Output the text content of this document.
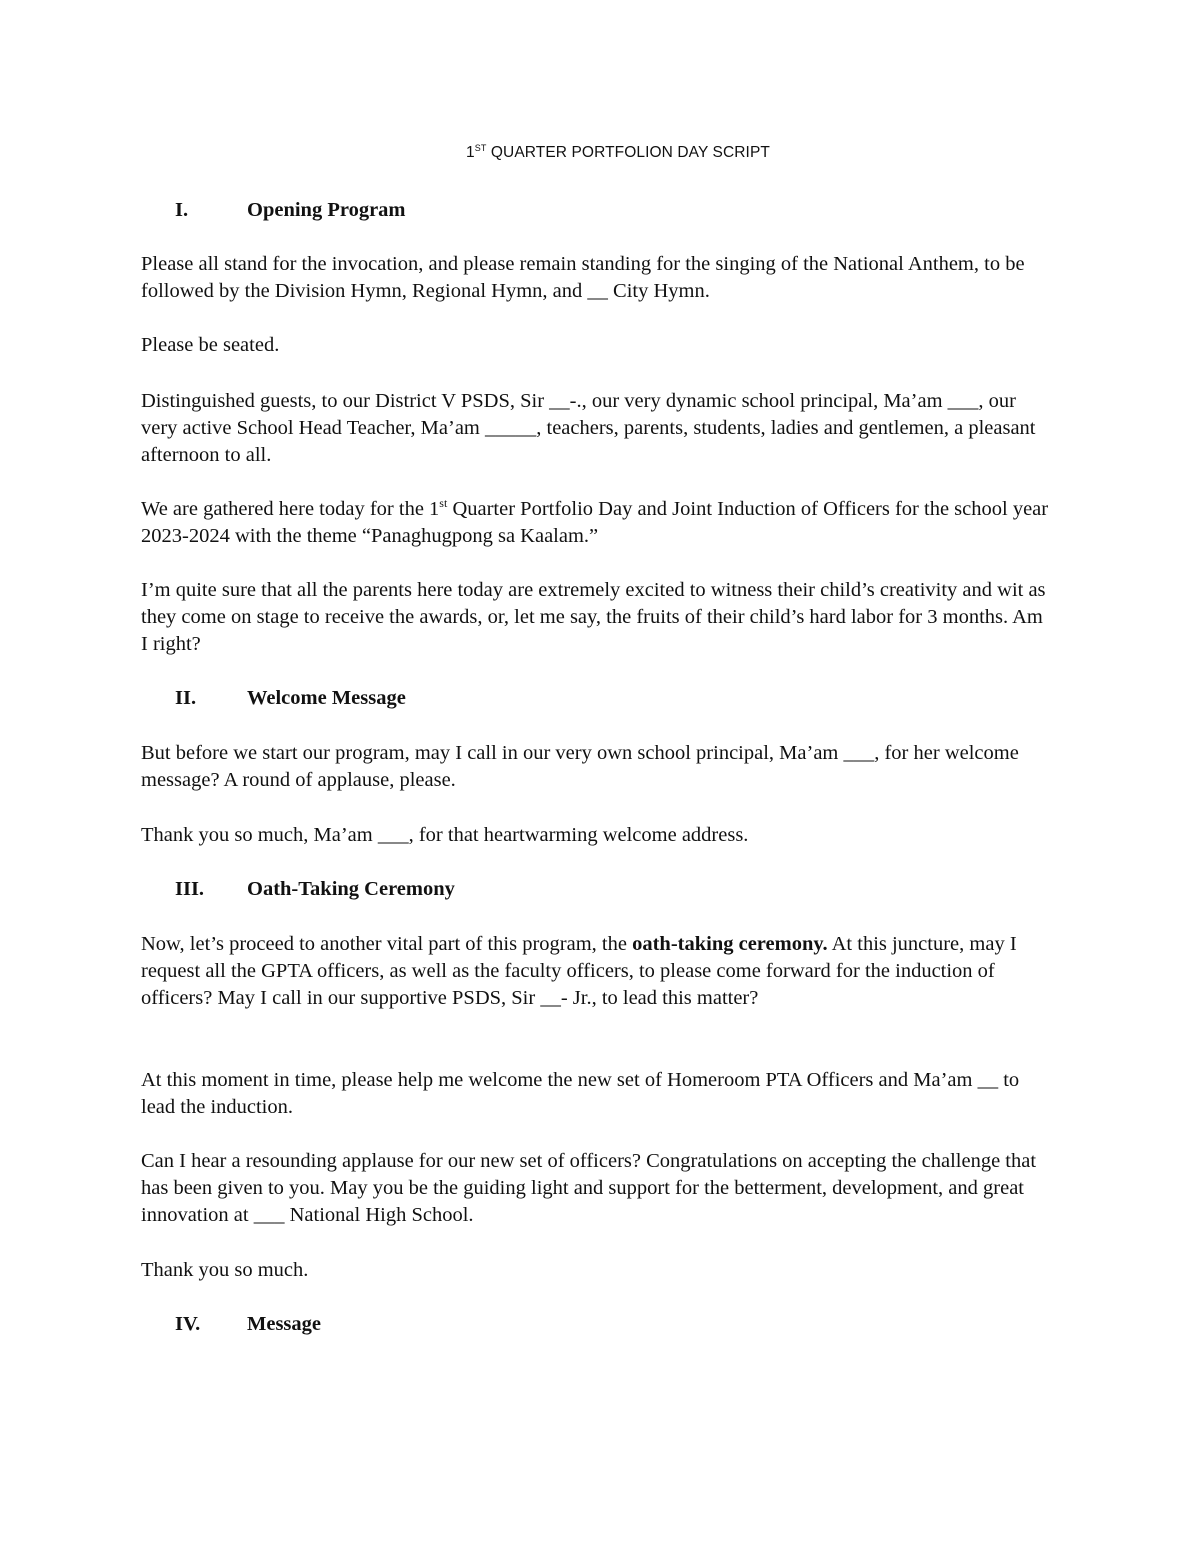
1ST QUARTER PORTFOLION DAY SCRIPT
I.	Opening Program
Please all stand for the invocation, and please remain standing for the singing of the National Anthem, to be followed by the Division Hymn, Regional Hymn, and __ City Hymn.
Please be seated.
Distinguished guests, to our District V PSDS, Sir __-., our very dynamic school principal, Ma’am ___, our very active School Head Teacher, Ma’am _____, teachers, parents, students, ladies and gentlemen, a pleasant afternoon to all.
We are gathered here today for the 1st Quarter Portfolio Day and Joint Induction of Officers for the school year 2023-2024 with the theme “Panaghugpong sa Kaalam.”
I’m quite sure that all the parents here today are extremely excited to witness their child’s creativity and wit as they come on stage to receive the awards, or, let me say, the fruits of their child’s hard labor for 3 months. Am I right?
II. Welcome Message
But before we start our program, may I call in our very own school principal, Ma’am ___, for her welcome message? A round of applause, please.
Thank you so much, Ma’am ___, for that heartwarming welcome address.
III. Oath-Taking Ceremony
Now, let’s proceed to another vital part of this program, the oath-taking ceremony. At this juncture, may I request all the GPTA officers, as well as the faculty officers, to please come forward for the induction of officers? May I call in our supportive PSDS, Sir __- Jr., to lead this matter?
At this moment in time, please help me welcome the new set of Homeroom PTA Officers and Ma’am __ to lead the induction.
Can I hear a resounding applause for our new set of officers? Congratulations on accepting the challenge that has been given to you. May you be the guiding light and support for the betterment, development, and great innovation at ___ National High School.
Thank you so much.
IV. Message
